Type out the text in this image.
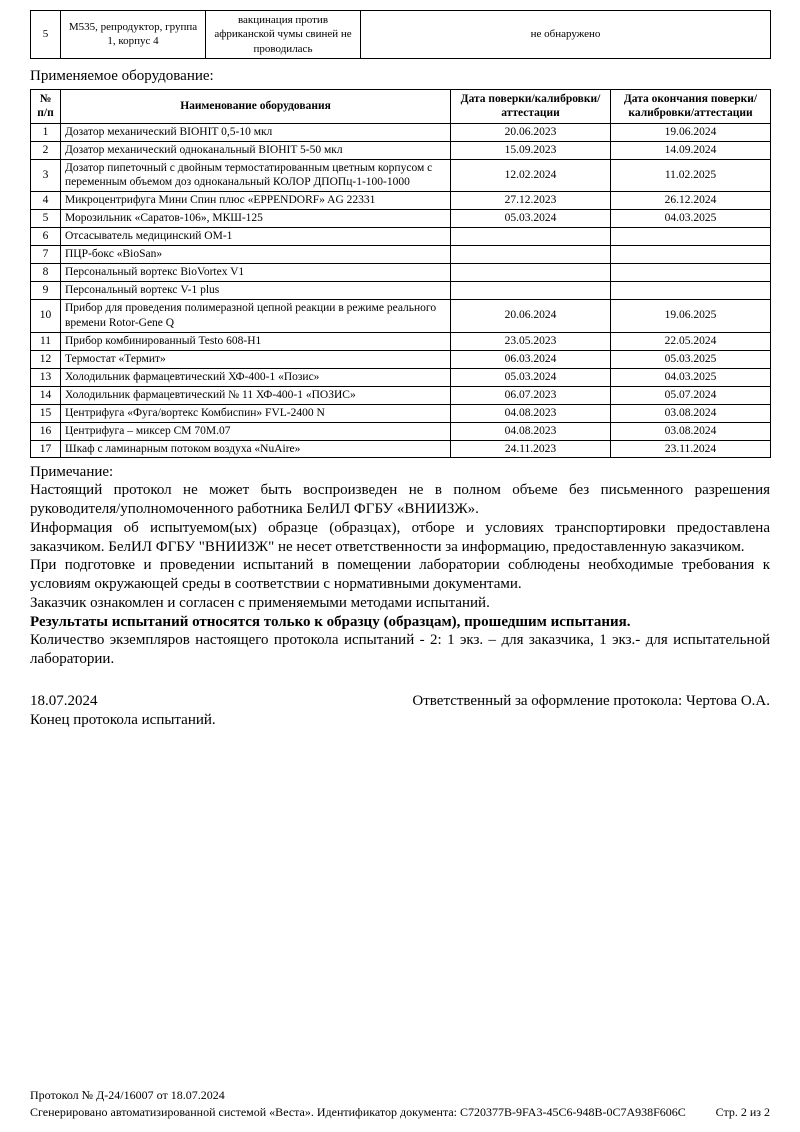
5	М535, репродуктор, группа 1, корпус 4	вакцинация против африканской чумы свиней не проводилась	не обнаружено

Применяемое оборудование:

№ п/п	Наименование оборудования	Дата поверки/калибровки/аттестации	Дата окончания поверки/калибровки/аттестации
1	Дозатор механический BIOHIT 0,5-10 мкл	20.06.2023	19.06.2024
2	Дозатор механический одноканальный BIOHIT 5-50 мкл	15.09.2023	14.09.2024
3	Дозатор пипеточный с двойным термостатированным цветным корпусом с переменным объемом доз одноканальный КОЛОР ДПОПц-1-100-1000	12.02.2024	11.02.2025
4	Микроцентрифуга Мини Спин плюс «EPPENDORF» AG 22331	27.12.2023	26.12.2024
5	Морозильник «Саратов-106», МКШ-125	05.03.2024	04.03.2025
6	Отсасыватель медицинский ОМ-1		
7	ПЦР-бокс «BioSan»		
8	Персональный вортекс BioVortex V1		
9	Персональный вортекс V-1 plus		
10	Прибор для проведения полимеразной цепной реакции в режиме реального времени Rotor-Gene Q	20.06.2024	19.06.2025
11	Прибор комбинированный Testo 608-H1	23.05.2023	22.05.2024
12	Термостат «Термит»	06.03.2024	05.03.2025
13	Холодильник фармацевтический ХФ-400-1 «Позис»	05.03.2024	04.03.2025
14	Холодильник фармацевтический № 11 ХФ-400-1 «ПОЗИС»	06.07.2023	05.07.2024
15	Центрифуга «Фуга/вортекс Комбиспин» FVL-2400 N	04.08.2023	03.08.2024
16	Центрифуга – миксер СМ 70М.07	04.08.2023	03.08.2024
17	Шкаф с ламинарным потоком воздуха «NuAire»	24.11.2023	23.11.2024

Примечание:

Настоящий протокол не может быть воспроизведен не в полном объеме без письменного разрешения руководителя/уполномоченного работника БелИЛ ФГБУ «ВНИИЗЖ».

Информация об испытуемом(ых) образце (образцах), отборе и условиях транспортировки предоставлена заказчиком. БелИЛ ФГБУ "ВНИИЗЖ" не несет ответственности за информацию, предоставленную заказчиком.

При подготовке и проведении испытаний в помещении лаборатории соблюдены необходимые требования к условиям окружающей среды в соответствии с нормативными документами.

Заказчик ознакомлен и согласен с применяемыми методами испытаний.

Результаты испытаний относятся только к образцу (образцам), прошедшим испытания.

Количество экземпляров настоящего протокола испытаний - 2: 1 экз. – для заказчика, 1 экз.- для испытательной лаборатории.

18.07.2024	Ответственный за оформление протокола: Чертова О.А.

Конец протокола испытаний.

Протокол № Д-24/16007 от 18.07.2024

Сгенерировано автоматизированной системой «Веста». Идентификатор документа: C720377B-9FA3-45C6-948B-0C7A938F606C Стр. 2 из 2
